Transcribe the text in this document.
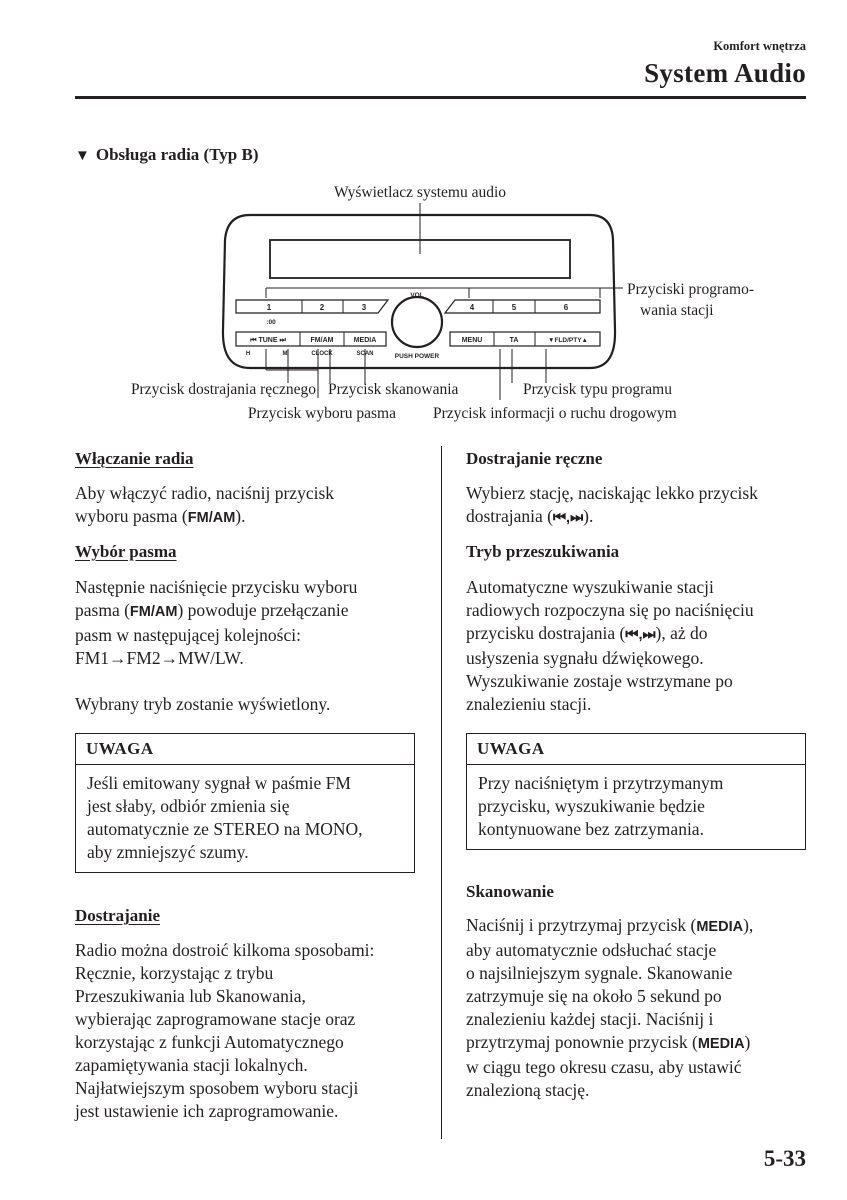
Komfort wnętrza
System Audio
▼ Obsługa radia (Typ B)
1	2	3	4	5	6
:00
VOL
PUSH POWER
⏮ TUNE ⏭
H	M
FM/AM
CLOCK
MEDIA
SCAN
MENU	TA	▼FLD/PTY▲
Wyświetlacz systemu audio
Przyciski programo-
wania stacji
Przycisk dostrajania ręcznego Przycisk skanowania	Przycisk typu programu
Przycisk wyboru pasma Przycisk informacji o ruchu drogowym
Włączanie radia

Aby włączyć radio, naciśnij przycisk
wyboru pasma (FM/AM).

Wybór pasma

Następnie naciśnięcie przycisku wyboru
pasma (FM/AM) powoduje przełączanie
pasm w następującej kolejności:
FM1→FM2→MW/LW.

Wybrany tryb zostanie wyświetlony.

UWAGA
Jeśli emitowany sygnał w paśmie FM
jest słaby, odbiór zmienia się
automatycznie ze STEREO na MONO,
aby zmniejszyć szumy.
Dostrajanie

Radio można dostroić kilkoma sposobami:
Ręcznie, korzystając z trybu
Przeszukiwania lub Skanowania,
wybierając zaprogramowane stacje oraz
korzystając z funkcji Automatycznego
zapamiętywania stacji lokalnych.
Najłatwiejszym sposobem wyboru stacji
jest ustawienie ich zaprogramowanie.

Dostrajanie ręczne

Wybierz stację, naciskając lekko przycisk
dostrajania (⏮,⏭).

Tryb przeszukiwania

Automatyczne wyszukiwanie stacji
radiowych rozpoczyna się po naciśnięciu
przycisku dostrajania (⏮,⏭), aż do
usłyszenia sygnału dźwiękowego.
Wyszukiwanie zostaje wstrzymane po
znalezieniu stacji.

UWAGA
Przy naciśniętym i przytrzymanym
przycisku, wyszukiwanie będzie
kontynuowane bez zatrzymania.
Skanowanie

Naciśnij i przytrzymaj przycisk (MEDIA),
aby automatycznie odsłuchać stacje
o najsilniejszym sygnale. Skanowanie
zatrzymuje się na około 5 sekund po
znalezieniu każdej stacji. Naciśnij i
przytrzymaj ponownie przycisk (MEDIA)
w ciągu tego okresu czasu, aby ustawić
znalezioną stację.

5-33
